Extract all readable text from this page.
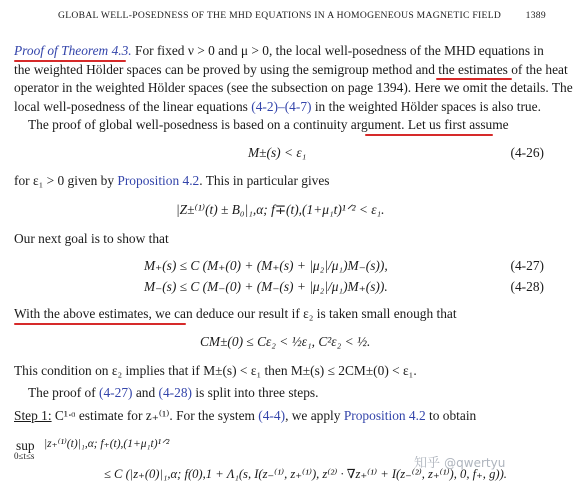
GLOBAL WELL-POSEDNESS OF THE MHD EQUATIONS IN A HOMOGENEOUS MAGNETIC FIELD	1389
Proof of Theorem 4.3. For fixed ν > 0 and μ > 0, the local well-posedness of the MHD equations in
the weighted Hölder spaces can be proved by using the semigroup method and the estimates of the heat
operator in the weighted Hölder spaces (see the subsection on page 1394). Here we omit the details. The
local well-posedness of the linear equations (4-2)–(4-7) in the weighted Hölder spaces is also true.
The proof of global well-posedness is based on a continuity argument. Let us first assume
M±(s) < ε₁	(4-26)
for ε₁ > 0 given by Proposition 4.2. This in particular gives
|Z±⁽¹⁾(t) ± B₀|₁,α; f∓(t),(1+μ₁t)¹ᐟ² < ε₁.
Our next goal is to show that
M₊(s) ≤ C (M₊(0) + (M₊(s) + |μ₂|/μ₁)M₋(s)),	(4-27)
M₋(s) ≤ C (M₋(0) + (M₋(s) + |μ₂|/μ₁)M₊(s)).	(4-28)
With the above estimates, we can deduce our result if ε₂ is taken small enough that
CM±(0) ≤ Cε₂ < ½ε₁, C²ε₂ < ½.
This condition on ε₂ implies that if M±(s) < ε₁ then M±(s) ≤ 2CM±(0) < ε₁.
The proof of (4-27) and (4-28) is split into three steps.
Step 1: C¹ᐧᵅ estimate for z₊⁽¹⁾. For the system (4-4), we apply Proposition 4.2 to obtain
sup
0≤t≤s
|z₊⁽¹⁾(t)|₁,α; f₊(t),(1+μ₁t)¹ᐟ²
≤ C (|z₊(0)|₁,α; f(0),1 + Λ₁(s, I(z₋⁽¹⁾, z₊⁽¹⁾), z⁽²⁾ · ∇z₊⁽¹⁾ + I(z₋⁽²⁾, z₊⁽¹⁾), 0, f₊, g)).
知乎 @qwertyu
